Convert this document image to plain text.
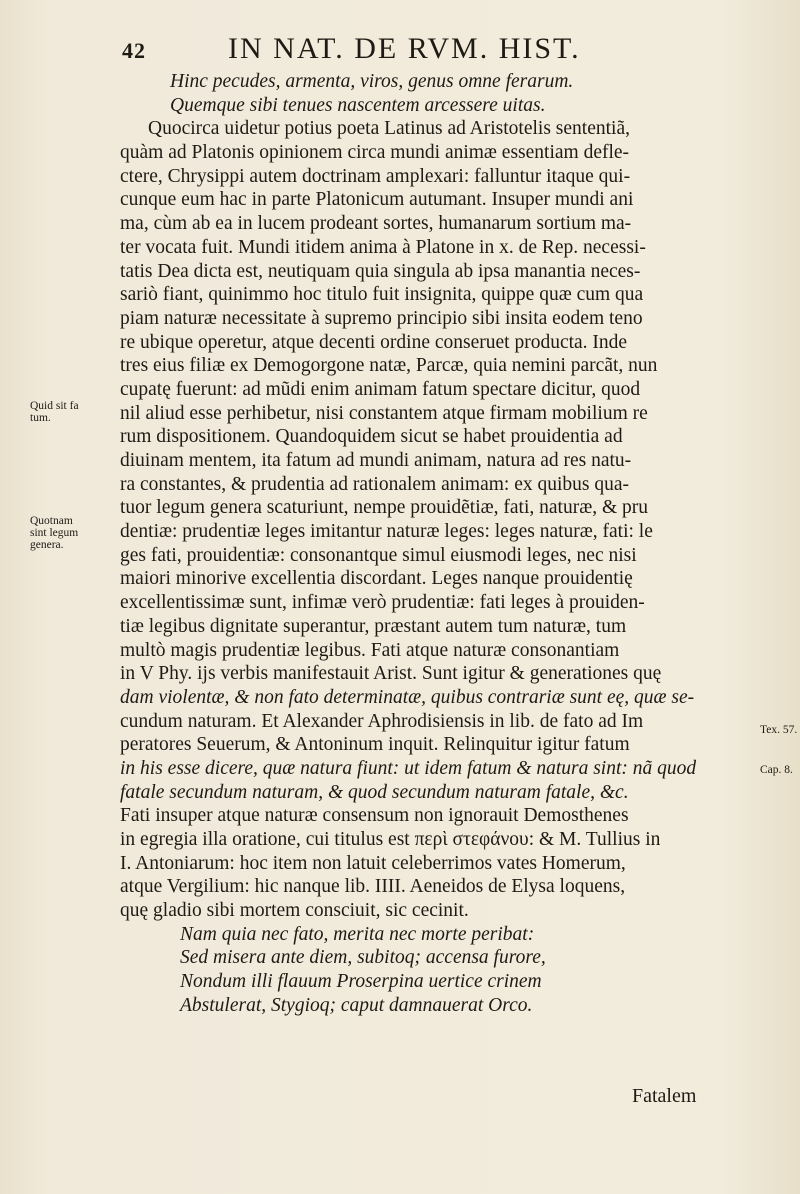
42	IN NAT. DE RVM. HIST.
Hinc pecudes, armenta, viros, genus omne ferarum.
Quemque sibi tenues nascentem arcessere uitas.
Quocirca uidetur potius poeta Latinus ad Aristotelis sententiã,
quàm ad Platonis opinionem circa mundi animæ essentiam defle-
ctere, Chrysippi autem doctrinam amplexari: falluntur itaque qui-
cunque eum hac in parte Platonicum autumant. Insuper mundi ani
ma, cùm ab ea in lucem prodeant sortes, humanarum sortium ma-
ter vocata fuit. Mundi itidem anima à Platone in x. de Rep. necessi-
tatis Dea dicta est, neutiquam quia singula ab ipsa manantia neces-
sariò fiant, quinimmo hoc titulo fuit insignita, quippe quæ cum qua
piam naturæ necessitate à supremo principio sibi insita eodem teno
re ubique operetur, atque decenti ordine conseruet producta. Inde
tres eius filiæ ex Demogorgone natæ, Parcæ, quia nemini parcãt, nun
cupatę fuerunt: ad mũdi enim animam fatum spectare dicitur, quod
nil aliud esse perhibetur, nisi constantem atque firmam mobilium re
rum dispositionem. Quandoquidem sicut se habet prouidentia ad
diuinam mentem, ita fatum ad mundi animam, natura ad res natu-
ra constantes, & prudentia ad rationalem animam: ex quibus qua-
tuor legum genera scaturiunt, nempe prouidẽtiæ, fati, naturæ, & pru
dentiæ: prudentiæ leges imitantur naturæ leges: leges naturæ, fati: le
ges fati, prouidentiæ: consonantque simul eiusmodi leges, nec nisi
maiori minorive excellentia discordant. Leges nanque prouidentię
excellentissimæ sunt, infimæ verò prudentiæ: fati leges à prouiden-
tiæ legibus dignitate superantur, præstant autem tum naturæ, tum
multò magis prudentiæ legibus. Fati atque naturæ consonantiam
in V Phy. ijs verbis manifestauit Arist. Sunt igitur & generationes quę
dam violentæ, & non fato determinatæ, quibus contrariæ sunt eę, quæ se-
cundum naturam. Et Alexander Aphrodisiensis in lib. de fato ad Im
peratores Seuerum, & Antoninum inquit. Relinquitur igitur fatum
in his esse dicere, quæ natura fiunt: ut idem fatum & natura sint: nã quod
fatale secundum naturam, & quod secundum naturam fatale, &c.
Fati insuper atque naturæ consensum non ignorauit Demosthenes
in egregia illa oratione, cui titulus est περὶ στεφάνου: & M. Tullius in
I. Antoniarum: hoc item non latuit celeberrimos vates Homerum,
atque Vergilium: hic nanque lib. IIII. Aeneidos de Elysa loquens,
quę gladio sibi mortem consciuit, sic cecinit.
Nam quia nec fato, merita nec morte peribat:
Sed misera ante diem, subitoq; accensa furore,
Nondum illi flauum Proserpina uertice crinem
Abstulerat, Stygioq; caput damnauerat Orco.
Quid sit fa
tum.
Quotnam
sint legum
genera.
Tex. 57.
Cap. 8.
Fatalem
